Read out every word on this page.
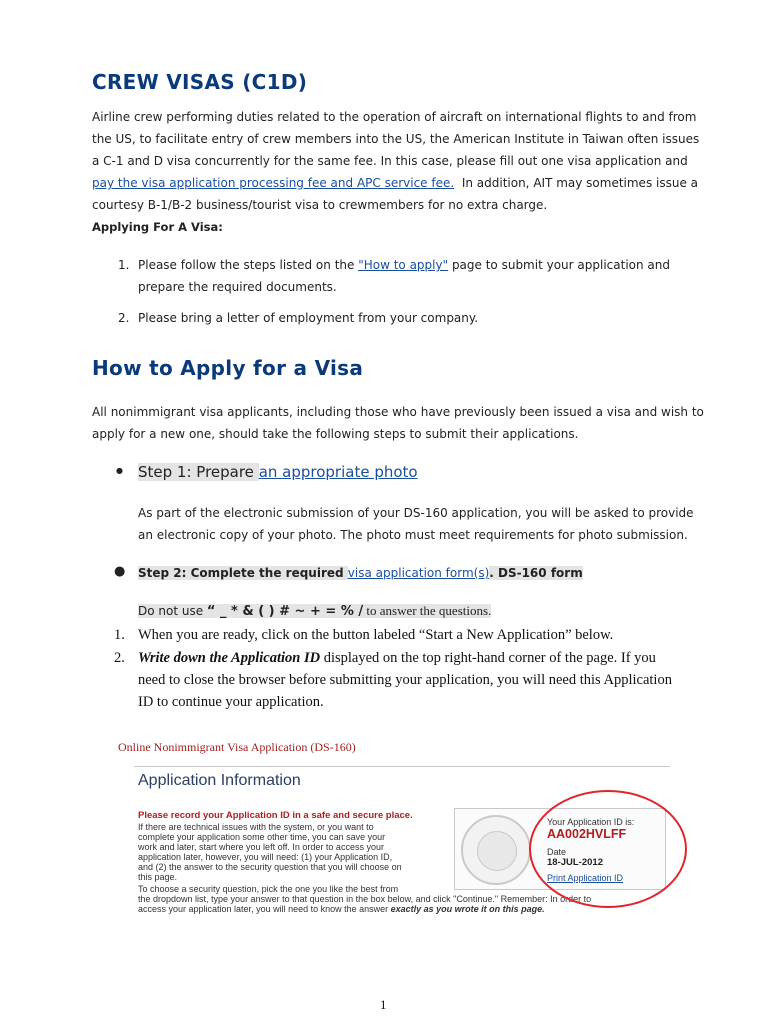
CREW VISAS (C1D)
Airline crew performing duties related to the operation of aircraft on international flights to and from
the US, to facilitate entry of crew members into the US, the American Institute in Taiwan often issues
a C-1 and D visa concurrently for the same fee. In this case, please fill out one visa application and
pay the visa application processing fee and APC service fee.  In addition, AIT may sometimes issue a
courtesy B-1/B-2 business/tourist visa to crewmembers for no extra charge.
Applying For A Visa:
1. Please follow the steps listed on the "How to apply" page to submit your application and
prepare the required documents.
2. Please bring a letter of employment from your company.
How to Apply for a Visa
All nonimmigrant visa applicants, including those who have previously been issued a visa and wish to
apply for a new one, should take the following steps to submit their applications.
● Step 1: Prepare an appropriate photo
As part of the electronic submission of your DS-160 application, you will be asked to provide
an electronic copy of your photo. The photo must meet requirements for photo submission.
● Step 2: Complete the required visa application form(s). DS-160 form
Do not use “ _ * & ( ) # ~ + = % / to answer the questions.
1. When you are ready, click on the button labeled “Start a New Application” below.
2. Write down the Application ID displayed on the top right-hand corner of the page. If you
need to close the browser before submitting your application, you will need this Application
ID to continue your application.
Online Nonimmigrant Visa Application (DS-160)
Application Information
Please record your Application ID in a safe and secure place.
If there are technical issues with the system, or you want to
complete your application some other time, you can save your
work and later, start where you left off. In order to access your
application later, however, you will need: (1) your Application ID,
and (2) the answer to the security question that you will choose on
this page.
To choose a security question, pick the one you like the best from
the dropdown list, type your answer to that question in the box below, and click "Continue." Remember: In order to
access your application later, you will need to know the answer exactly as you wrote it on this page.
Your Application ID is:
AA002HVLFF
Date
18-JUL-2012
Print Application ID
1
